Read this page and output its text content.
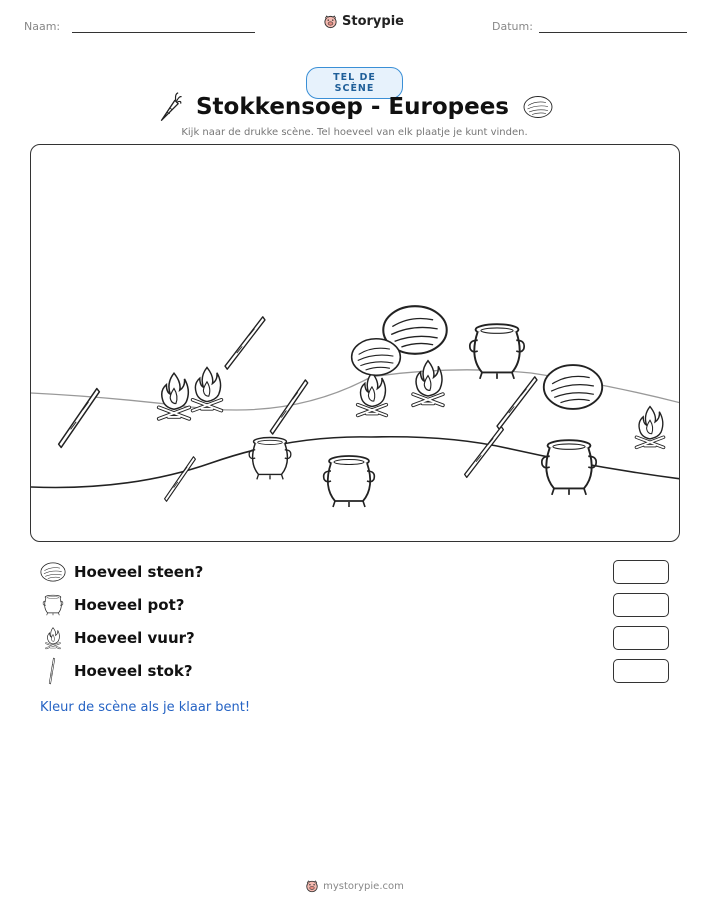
Naam:	Storypie	Datum:
TEL DE SCÈNE
Stokkensoep - Europees
Kijk naar de drukke scène. Tel hoeveel van elk plaatje je kunt vinden.
Hoeveel steen?
Hoeveel pot?
Hoeveel vuur?
Hoeveel stok?
Kleur de scène als je klaar bent!
mystorypie.com
